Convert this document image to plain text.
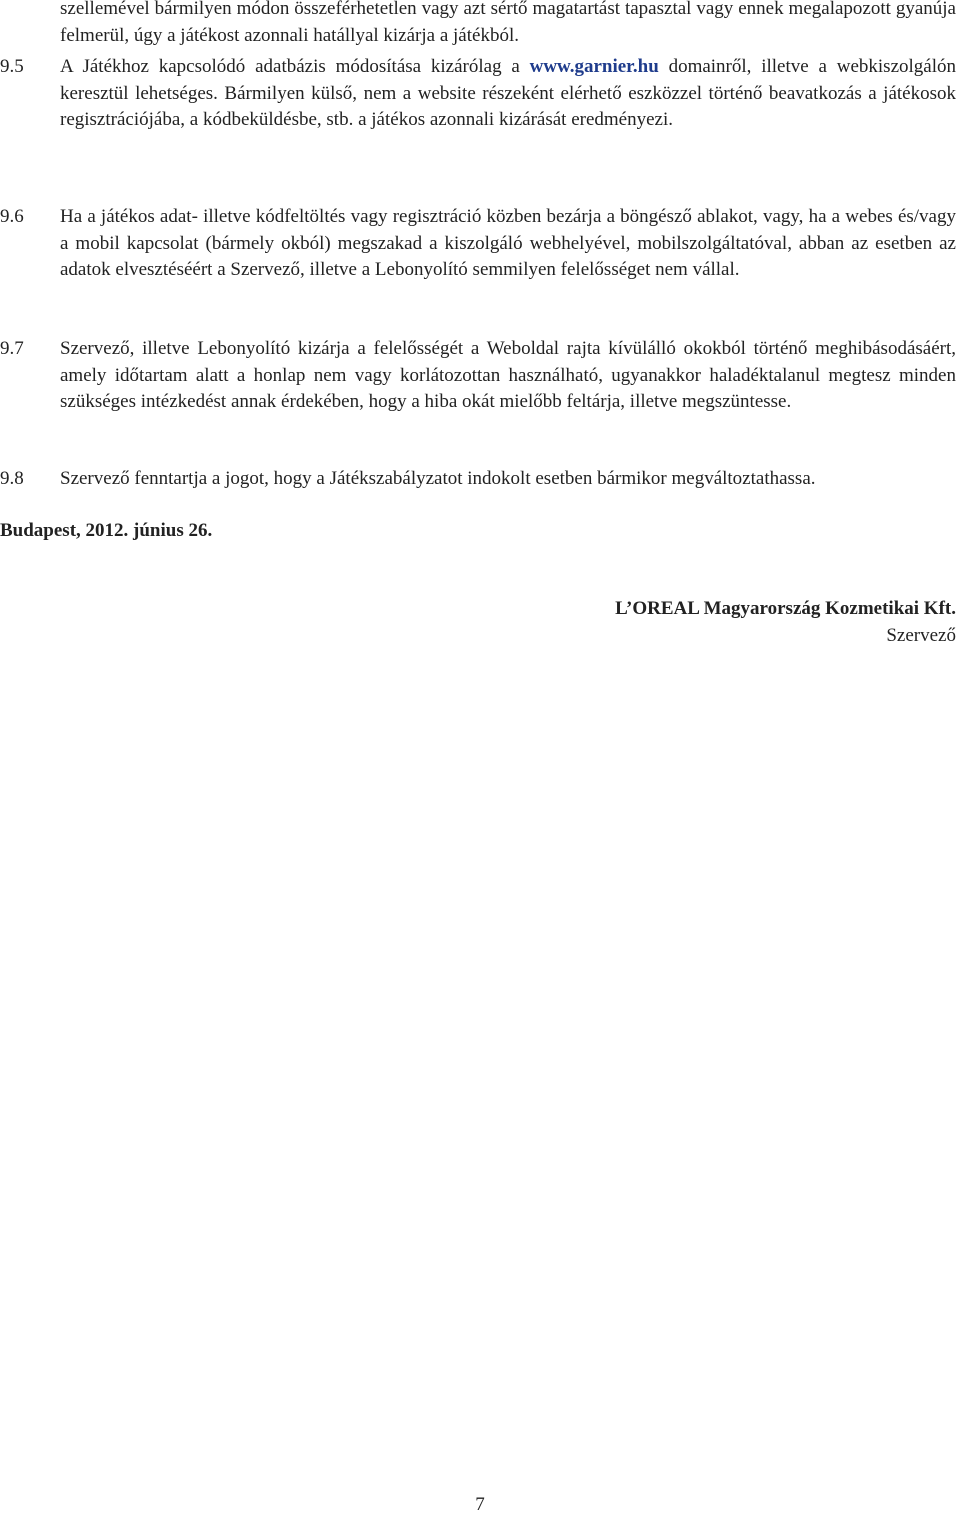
szellemével bármilyen módon összeférhetetlen vagy azt sértő magatartást tapasztal vagy ennek megalapozott gyanúja felmerül, úgy a játékost azonnali hatállyal kizárja a játékból.

9.5	A Játékhoz kapcsolódó adatbázis módosítása kizárólag a www.garnier.hu domainről, illetve a webkiszolgálón keresztül lehetséges. Bármilyen külső, nem a website részeként elérhető eszközzel történő beavatkozás a játékosok regisztrációjába, a kódbeküldésbe, stb. a játékos azonnali kizárását eredményezi.

9.6	Ha a játékos adat- illetve kódfeltöltés vagy regisztráció közben bezárja a böngésző ablakot, vagy, ha a webes és/vagy a mobil kapcsolat (bármely okból) megszakad a kiszolgáló webhelyével, mobilszolgáltatóval, abban az esetben az adatok elvesztéséért a Szervező, illetve a Lebonyolító semmilyen felelősséget nem vállal.

9.7	Szervező, illetve Lebonyolító kizárja a felelősségét a Weboldal rajta kívülálló okokból történő meghibásodásáért, amely időtartam alatt a honlap nem vagy korlátozottan használható, ugyanakkor haladéktalanul megtesz minden szükséges intézkedést annak érdekében, hogy a hiba okát mielőbb feltárja, illetve megszüntesse.

9.8	Szervező fenntartja a jogot, hogy a Játékszabályzatot indokolt esetben bármikor megváltoztathassa.

Budapest, 2012. június 26.

L’OREAL Magyarország Kozmetikai Kft.
Szervező
7
